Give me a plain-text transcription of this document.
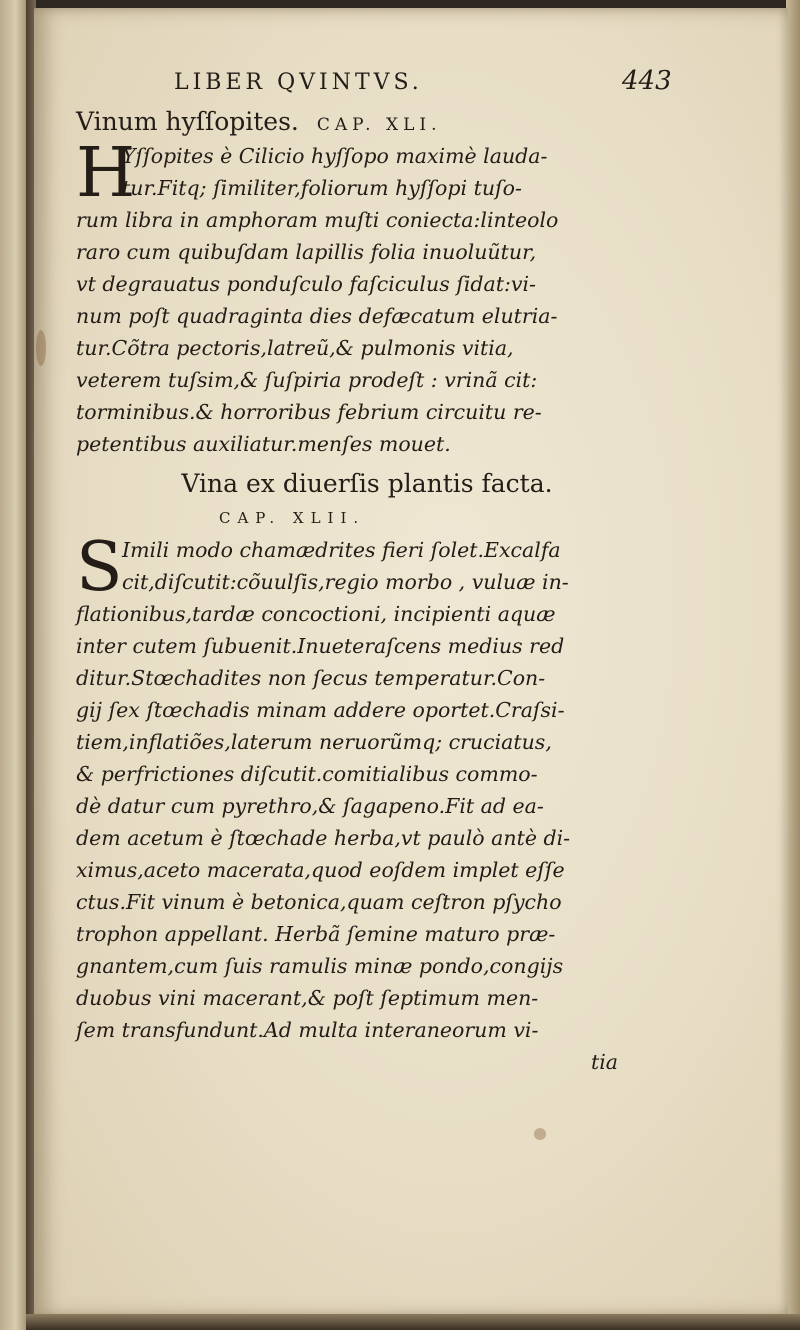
LIBER QVINTVS.	443
Vinum hyſſopites. CAP. XLI.
H
Yſſopites è Cilicio hyſſopo maximè lauda-
tur.Fitq; ſimiliter,foliorum hyſſopi tuſo-
rum libra in amphoram muſti coniecta:linteolo
raro cum quibuſdam lapillis folia inuoluũtur,
vt degrauatus ponduſculo faſciculus ſidat:vi-
num poſt quadraginta dies defæcatum elutria-
tur.Cõtra pectoris,latreũ,& pulmonis vitia,
veterem tuſsim,& ſuſpiria prodeſt : vrinã cit:
torminibus.& horroribus febrium circuitu re-
petentibus auxiliatur.menſes mouet.
Vina ex diuerſis plantis facta.
CAP. XLII.
S Imili modo chamædrites fieri ſolet.Excalfa
cit,diſcutit:cõuulſis,regio morbo , vuluæ in-
flationibus,tardæ concoctioni, incipienti aquæ
inter cutem ſubuenit.Inueteraſcens medius red
ditur.Stœchadites non ſecus temperatur.Con-
gij ſex ſtœchadis minam addere oportet.Craſsi-
tiem,inflatiões,laterum neruorũmq; cruciatus,
& perfrictiones diſcutit.comitialibus commo-
dè datur cum pyrethro,& ſagapeno.Fit ad ea-
dem acetum è ſtœchade herba,vt paulò antè di-
ximus,aceto macerata,quod eoſdem implet eſſe
ctus.Fit vinum è betonica,quam ceſtron pſycho
trophon appellant. Herbã ſemine maturo præ-
gnantem,cum ſuis ramulis minæ pondo,congijs
duobus vini macerant,& poſt ſeptimum men-
ſem transfundunt.Ad multa interaneorum vi-
tia
